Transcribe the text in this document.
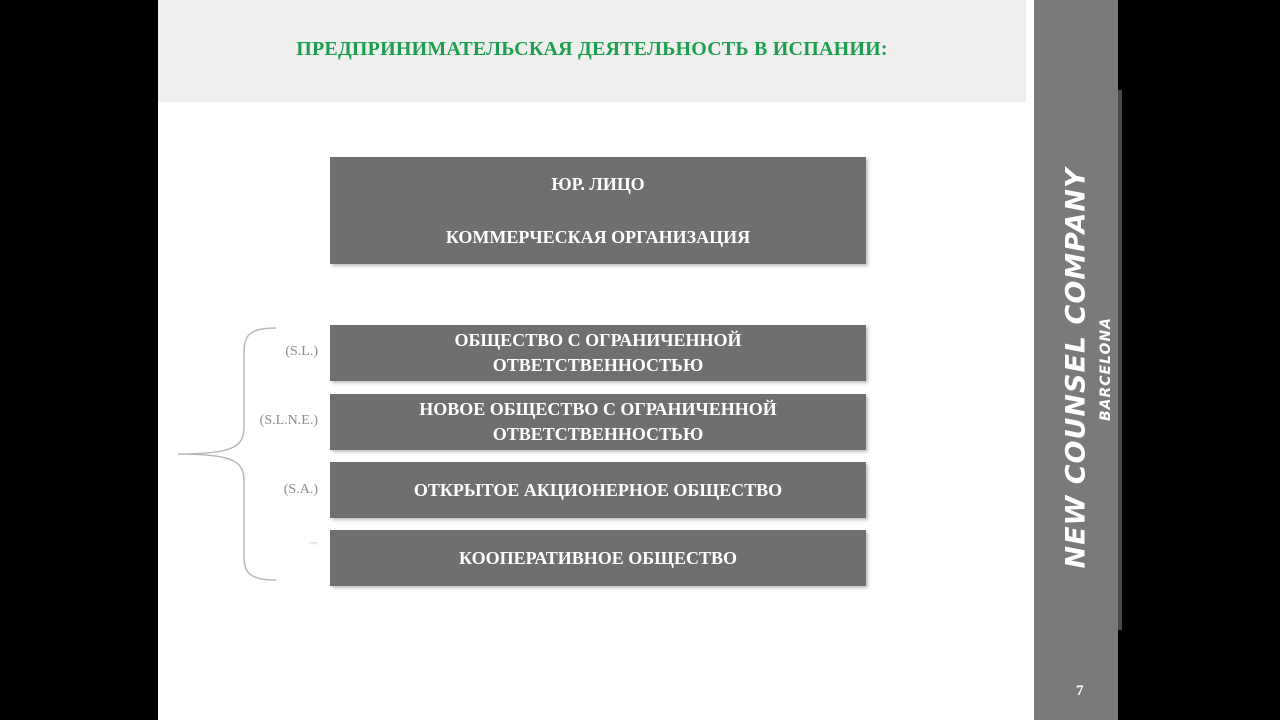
ПРЕДПРИНИМАТЕЛЬСКАЯ ДЕЯТЕЛЬНОСТЬ В ИСПАНИИ:
ЮР. ЛИЦО
КОММЕРЧЕСКАЯ ОРГАНИЗАЦИЯ
(S.L.)
ОБЩЕСТВО С ОГРАНИЧЕННОЙ
ОТВЕТСТВЕННОСТЬЮ
(S.L.N.E.)
НОВОЕ ОБЩЕСТВО С ОГРАНИЧЕННОЙ
ОТВЕТСТВЕННОСТЬЮ
(S.A.)	ОТКРЫТОЕ АКЦИОНЕРНОЕ ОБЩЕСТВО
""
КООПЕРАТИВНОЕ ОБЩЕСТВО	NEW COUNSEL COMPANY BARCELONA
7
